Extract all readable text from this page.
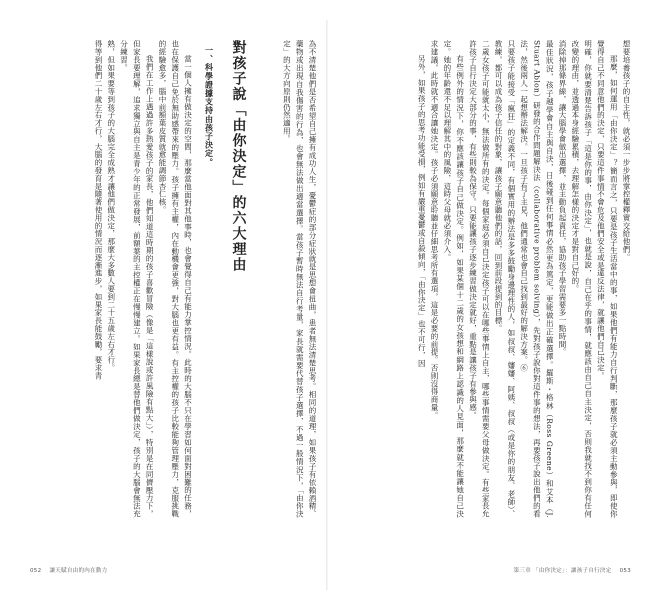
想要培養孩子的自主性，就必須一步步將掌控權釋實交給他們。

那麼，如何運用「由你決定」？簡而言之，只要是孩子生活當中的事，如果他們有能力自行判斷，那麼孩子就必須主動參與，即使你覺得自己不同意他們的決定，只要這件事情不會危及他們安全或是違反法律，就讓他們自己決定。

明確，你就要清楚告訴孩子「這是你的事，由你決定」，也就是說，自己在乎的事情，就應該由自己自主決定，否則我就找不到你有任何改變的理由，並透過本身經驗累積，去理解怎樣的決定才是對自己好的。

消除掉那條界線，讓大腦學會做出選擇，並主動負起責任，協助孩子學習需要多一點時間。

最佳狀況，孩子越學會自主與自決，日後碰到任何事情必然更為篤定，更能做出正確選擇。羅斯・格林（Ross Greene）和艾本（J. Stuart Ablon）研發的合作問題解決法（collaborative problem solving），先對孩子說你對這件事的想法，再要孩子說出他們的看法，然後兩人一起想辦法解決。一旦孩子有了主見，他們通常也會自己找到最好的解決方案。⑥

只要孩子能接受「瘋狂」的定義不同，有個實用的辦法是多多鼓勵身邊理性的人，如叔叔、嬸嬸、阿姨、叔叔（或是你的朋友、老師）、教練，都可以成為孩子信任的對象，讓孩子願意聽他們的話，回到前段提到的目標。

二歲女孩子可能就太小，無法做所有的決定。每個家庭必須自己決定孩子可以在哪些事情上自主，哪些事情需要父母做決定。有些家長允許孩子自行決定大部分的事，有些則較為保守。只要能讓孩子逐步練習做決定就好，重點是讓孩子有參與感。

有些例外的情況下，你不應該讓孩子自己做決定。例如，如果某個十二歲的女孩想和網路上認識的人見面，那麼就不能讓她自己決定。她的年齡還不足以理解其中的風險，這時父母就必須介入。

求建議，此時就不適合讓她決定。孩子必須願意聆聽並仔細思考所有選項，這是必要的前提。否則沒得商量。

另外，如果孩子的思考功能受損，例如有嚴重憂鬱或自殺傾向，「由你決定」也不可行，因

為不清楚他們是否希望自己擁有成功人生，憂鬱症的部分症狀就是思想會扭曲，患者無法清楚思考。相同的道理，如果孩子有依賴酒精、藥物或出現自我傷害的行為，也會無法做出適當選擇。當孩子暫時無法自行考量，家長就需要代替孩子選擇，不過一般情況下，「由你決定」的大方向原則仍然適用。

對孩子說「由你決定」的六大理由
一、科學證據支持由孩子決定。

當一個人擁有做決定的空間，那麼當他面對其他事時，也會覺得自己有能力掌控情況。此時的大腦不只在學習如何面對困難的任務，也在保護自己免於無助感帶來的壓力。孩子擁有主權，內在動機會更強，對大腦也更有益。有主控權的孩子比較能夠管理壓力，克服挑戰的經驗愈多，腦中前額葉皮質就愈能調節杏仁核。

我們在工作上遇過許多熱愛孩子的家長，他們知道這時期的孩子喜歡冒險（像是「這樣說或許風險有點大」），特別是在同儕壓力下，但家長要理解，追求獨立與自主是青少年的正常發展，前額葉的主控權正在慢慢建立。如果家長總是替他們做決定，孩子的大腦會無法充分練習。

熟，但如果要等到孩子的大腦完全成熟才讓他們做決定，那麼大多數人要到二十五歲左右才行。

得等到他們二十歲左右才行，大腦的發育是隨著使用的情況而逐漸進步，如果家長能鼓勵，要求青

052 讓天賦自由的內在動力	第三章 「由你決定」：讓孩子自行決定 053
